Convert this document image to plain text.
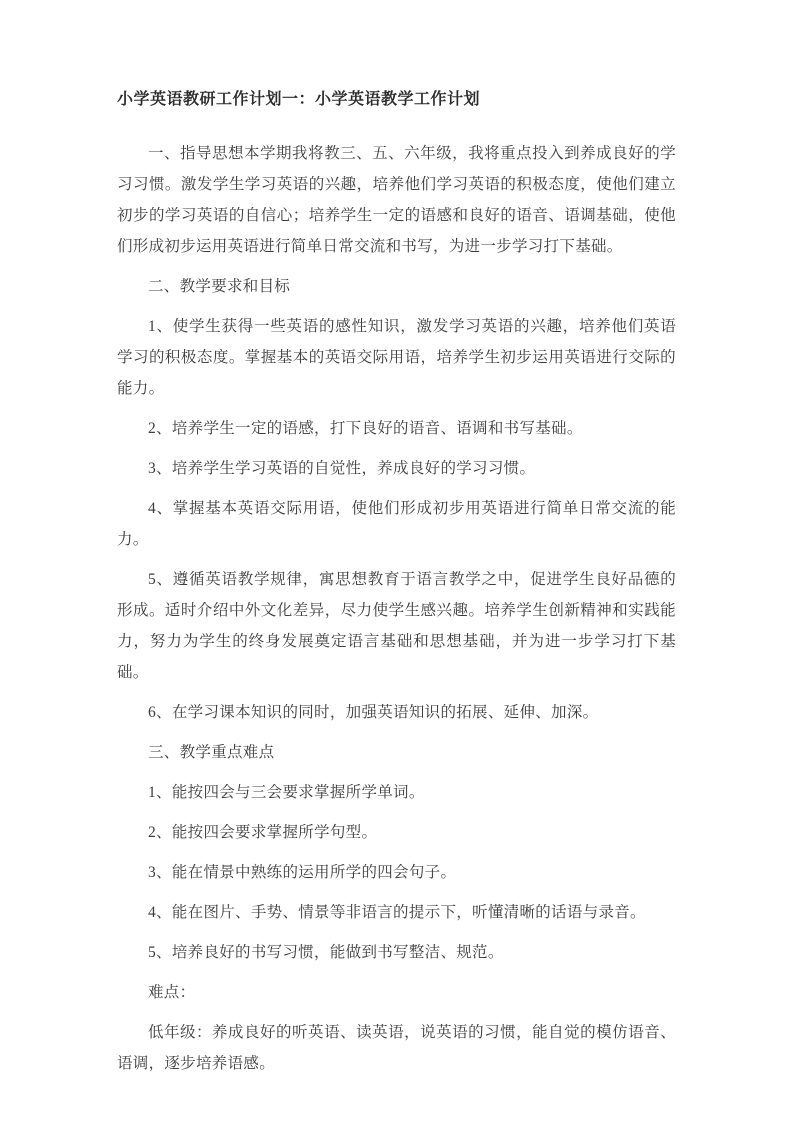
小学英语教研工作计划一：小学英语教学工作计划

一、指导思想本学期我将教三、五、六年级，我将重点投入到养成良好的学习习惯。激发学生学习英语的兴趣，培养他们学习英语的积极态度，使他们建立初步的学习英语的自信心；培养学生一定的语感和良好的语音、语调基础，使他们形成初步运用英语进行简单日常交流和书写，为进一步学习打下基础。

二、教学要求和目标

1、使学生获得一些英语的感性知识，激发学习英语的兴趣，培养他们英语学习的积极态度。掌握基本的英语交际用语，培养学生初步运用英语进行交际的能力。

2、培养学生一定的语感，打下良好的语音、语调和书写基础。

3、培养学生学习英语的自觉性，养成良好的学习习惯。

4、掌握基本英语交际用语，使他们形成初步用英语进行简单日常交流的能力。

5、遵循英语教学规律，寓思想教育于语言教学之中，促进学生良好品德的形成。适时介绍中外文化差异，尽力使学生感兴趣。培养学生创新精神和实践能力，努力为学生的终身发展奠定语言基础和思想基础，并为进一步学习打下基础。

6、在学习课本知识的同时，加强英语知识的拓展、延伸、加深。

三、教学重点难点

1、能按四会与三会要求掌握所学单词。

2、能按四会要求掌握所学句型。

3、能在情景中熟练的运用所学的四会句子。

4、能在图片、手势、情景等非语言的提示下，听懂清晰的话语与录音。

5、培养良好的书写习惯，能做到书写整洁、规范。

难点：

低年级：养成良好的听英语、读英语，说英语的习惯，能自觉的模仿语音、语调，逐步培养语感。
